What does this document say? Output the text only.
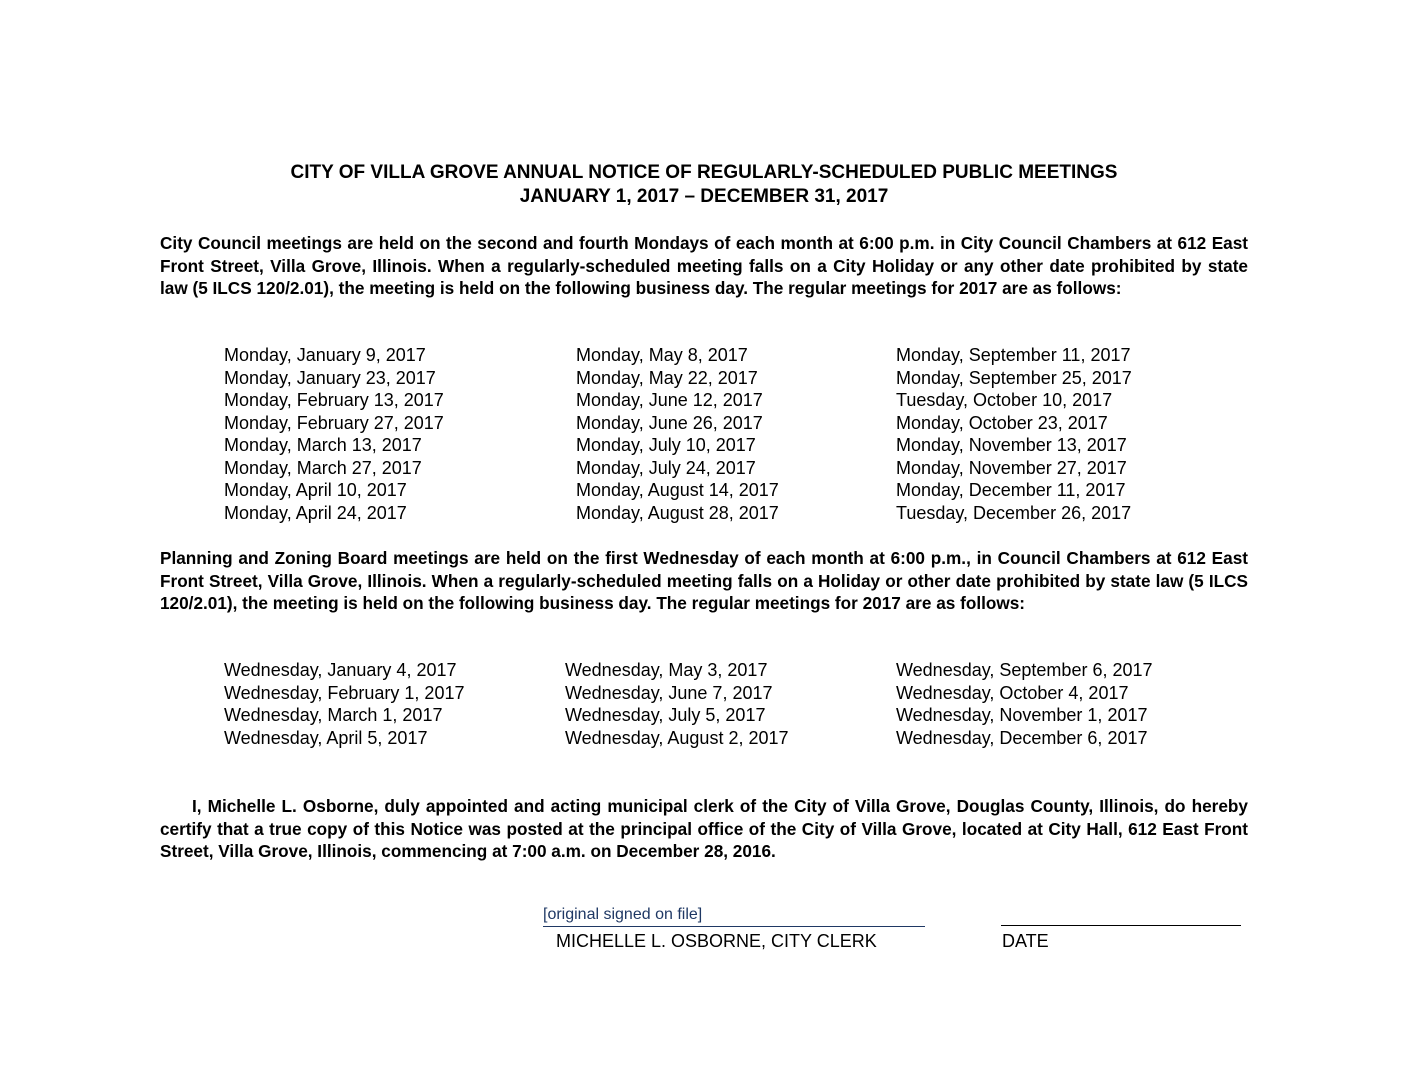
CITY OF VILLA GROVE ANNUAL NOTICE OF REGULARLY-SCHEDULED PUBLIC MEETINGS
JANUARY 1, 2017 – DECEMBER 31, 2017

City Council meetings are held on the second and fourth Mondays of each month at 6:00 p.m. in City Council Chambers at 612 East Front Street, Villa Grove, Illinois. When a regularly-scheduled meeting falls on a City Holiday or any other date prohibited by state law (5 ILCS 120/2.01), the meeting is held on the following business day. The regular meetings for 2017 are as follows:

Monday, January 9, 2017
Monday, January 23, 2017
Monday, February 13, 2017
Monday, February 27, 2017
Monday, March 13, 2017
Monday, March 27, 2017
Monday, April 10, 2017
Monday, April 24, 2017
Monday, May 8, 2017
Monday, May 22, 2017
Monday, June 12, 2017
Monday, June 26, 2017
Monday, July 10, 2017
Monday, July 24, 2017
Monday, August 14, 2017
Monday, August 28, 2017
Monday, September 11, 2017
Monday, September 25, 2017
Tuesday, October 10, 2017
Monday, October 23, 2017
Monday, November 13, 2017
Monday, November 27, 2017
Monday, December 11, 2017
Tuesday, December 26, 2017

Planning and Zoning Board meetings are held on the first Wednesday of each month at 6:00 p.m., in Council Chambers at 612 East Front Street, Villa Grove, Illinois. When a regularly-scheduled meeting falls on a Holiday or other date prohibited by state law (5 ILCS 120/2.01), the meeting is held on the following business day. The regular meetings for 2017 are as follows:

Wednesday, January 4, 2017
Wednesday, February 1, 2017
Wednesday, March 1, 2017
Wednesday, April 5, 2017
Wednesday, May 3, 2017
Wednesday, June 7, 2017
Wednesday, July 5, 2017
Wednesday, August 2, 2017
Wednesday, September 6, 2017
Wednesday, October 4, 2017
Wednesday, November 1, 2017
Wednesday, December 6, 2017

I, Michelle L. Osborne, duly appointed and acting municipal clerk of the City of Villa Grove, Douglas County, Illinois, do hereby certify that a true copy of this Notice was posted at the principal office of the City of Villa Grove, located at City Hall, 612 East Front Street, Villa Grove, Illinois, commencing at 7:00 a.m. on December 28, 2016.

[original signed on file]
MICHELLE L. OSBORNE, CITY CLERK	DATE
